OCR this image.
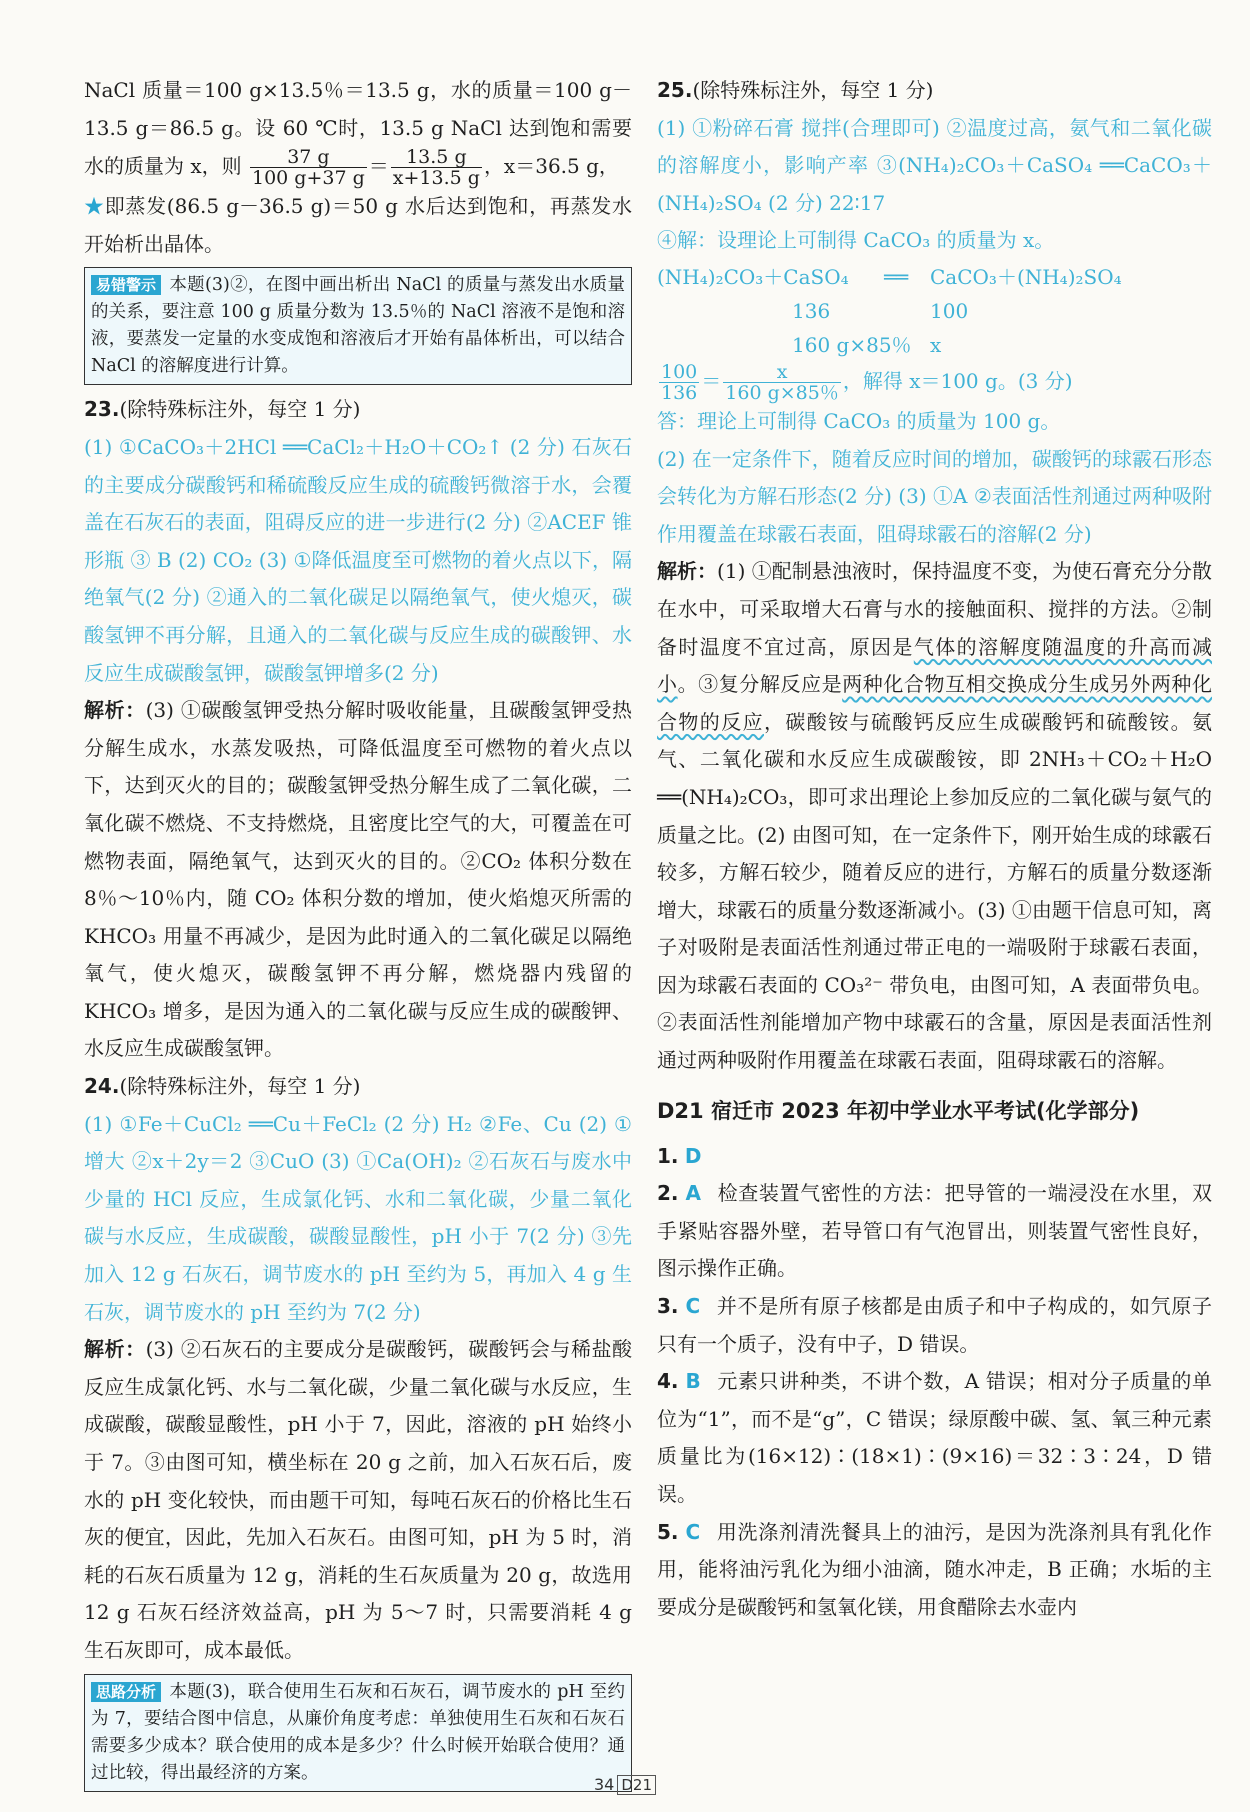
NaCl 质量＝100 g×13.5％＝13.5 g，水的质量＝100 g－13.5 g＝86.5 g。设 60 ℃时，13.5 g NaCl 达到饱和需要水的质量为 x，则 $\frac{37 g}{100 g+37 g} = \frac{13.5 g}{x+13.5 g}$ ，x＝36.5 g，

★即蒸发(86.5 g－36.5 g)＝50 g 水后达到饱和，再蒸发水开始析出晶体。

易错警示 本题(3)②，在图中画出析出 NaCl 的质量与蒸发出水质量的关系，要注意 100 g 质量分数为 13.5％的 NaCl 溶液不是饱和溶液，要蒸发一定量的水变成饱和溶液后才开始有晶体析出，可以结合 NaCl 的溶解度进行计算。

23.(除特殊标注外，每空 1 分)

(1) ①CaCO₃＋2HCl ══CaCl₂＋H₂O＋CO₂↑ (2 分) 石灰石的主要成分碳酸钙和稀硫酸反应生成的硫酸钙微溶于水，会覆盖在石灰石的表面，阻碍反应的进一步进行(2 分) ②ACEF 锥形瓶 ③ B (2) CO₂ (3) ①降低温度至可燃物的着火点以下，隔绝氧气(2 分) ②通入的二氧化碳足以隔绝氧气，使火熄灭，碳酸氢钾不再分解，且通入的二氧化碳与反应生成的碳酸钾、水反应生成碳酸氢钾，碳酸氢钾增多(2 分)

解析：(3) ①碳酸氢钾受热分解时吸收能量，且碳酸氢钾受热分解生成水，水蒸发吸热，可降低温度至可燃物的着火点以下，达到灭火的目的；碳酸氢钾受热分解生成了二氧化碳，二氧化碳不燃烧、不支持燃烧，且密度比空气的大，可覆盖在可燃物表面，隔绝氧气，达到灭火的目的。②CO₂ 体积分数在 8％～10％内，随 CO₂ 体积分数的增加，使火焰熄灭所需的 KHCO₃ 用量不再减少，是因为此时通入的二氧化碳足以隔绝氧气，使火熄灭，碳酸氢钾不再分解，燃烧器内残留的 KHCO₃ 增多，是因为通入的二氧化碳与反应生成的碳酸钾、水反应生成碳酸氢钾。

24.(除特殊标注外，每空 1 分)

(1) ①Fe＋CuCl₂ ══Cu＋FeCl₂ (2 分) H₂ ②Fe、Cu (2) ①增大 ②x＋2y＝2 ③CuO (3) ①Ca(OH)₂ ②石灰石与废水中少量的 HCl 反应，生成氯化钙、水和二氧化碳，少量二氧化碳与水反应，生成碳酸，碳酸显酸性，pH 小于 7(2 分) ③先加入 12 g 石灰石，调节废水的 pH 至约为 5，再加入 4 g 生石灰，调节废水的 pH 至约为 7(2 分)

解析：(3) ②石灰石的主要成分是碳酸钙，碳酸钙会与稀盐酸反应生成氯化钙、水与二氧化碳，少量二氧化碳与水反应，生成碳酸，碳酸显酸性，pH 小于 7，因此，溶液的 pH 始终小于 7。③由图可知，横坐标在 20 g 之前，加入石灰石后，废水的 pH 变化较快，而由题干可知，每吨石灰石的价格比生石灰的便宜，因此，先加入石灰石。由图可知，pH 为 5 时，消耗的石灰石质量为 12 g，消耗的生石灰质量为 20 g，故选用 12 g 石灰石经济效益高，pH 为 5～7 时，只需要消耗 4 g 生石灰即可，成本最低。

思路分析 本题(3)，联合使用生石灰和石灰石，调节废水的 pH 至约为 7，要结合图中信息，从廉价角度考虑：单独使用生石灰和石灰石需要多少成本？联合使用的成本是多少？什么时候开始联合使用？通过比较，得出最经济的方案。

25.(除特殊标注外，每空 1 分)

(1) ①粉碎石膏 搅拌(合理即可) ②温度过高，氨气和二氧化碳的溶解度小，影响产率 ③(NH₄)₂CO₃＋CaSO₄ ══CaCO₃＋(NH₄)₂SO₄ (2 分) 22∶17

④解：设理论上可制得 CaCO₃ 的质量为 x。

(NH₄)₂CO₃＋CaSO₄ ══ CaCO₃＋(NH₄)₂SO₄
136	100
160 g×85％ x

$\frac{100}{136} = \frac{x}{160 g\times 85\%}$ ，解得 x＝100 g。(3 分)

答：理论上可制得 CaCO₃ 的质量为 100 g。

(2) 在一定条件下，随着反应时间的增加，碳酸钙的球霰石形态会转化为方解石形态(2 分) (3) ①A ②表面活性剂通过两种吸附作用覆盖在球霰石表面，阻碍球霰石的溶解(2 分)

解析：(1) ①配制悬浊液时，保持温度不变，为使石膏充分分散在水中，可采取增大石膏与水的接触面积、搅拌的方法。②制备时温度不宜过高，原因是气体的溶解度随温度的升高而减小。③复分解反应是两种化合物互相交换成分生成另外两种化合物的反应，碳酸铵与硫酸钙反应生成碳酸钙和硫酸铵。氨气、二氧化碳和水反应生成碳酸铵，即 2NH₃＋CO₂＋H₂O ══(NH₄)₂CO₃，即可求出理论上参加反应的二氧化碳与氨气的质量之比。(2) 由图可知，在一定条件下，刚开始生成的球霰石较多，方解石较少，随着反应的进行，方解石的质量分数逐渐增大，球霰石的质量分数逐渐减小。(3) ①由题干信息可知，离子对吸附是表面活性剂通过带正电的一端吸附于球霰石表面，因为球霰石表面的 CO₃²⁻ 带负电，由图可知，A 表面带负电。②表面活性剂能增加产物中球霰石的含量，原因是表面活性剂通过两种吸附作用覆盖在球霰石表面，阻碍球霰石的溶解。

D21 宿迁市 2023 年初中学业水平考试(化学部分)

1. D

2. A 检查装置气密性的方法：把导管的一端浸没在水里，双手紧贴容器外壁，若导管口有气泡冒出，则装置气密性良好，图示操作正确。

3. C 并不是所有原子核都是由质子和中子构成的，如氕原子只有一个质子，没有中子，D 错误。

4. B 元素只讲种类，不讲个数，A 错误；相对分子质量的单位为“1”，而不是“g”，C 错误；绿原酸中碳、氢、氧三种元素质量比为(16×12)∶(18×1)∶(9×16)＝32∶3∶24，D 错误。

5. C 用洗涤剂清洗餐具上的油污，是因为洗涤剂具有乳化作用，能将油污乳化为细小油滴，随水冲走，B 正确；水垢的主要成分是碳酸钙和氢氧化镁，用食醋除去水壶内

34 D21
